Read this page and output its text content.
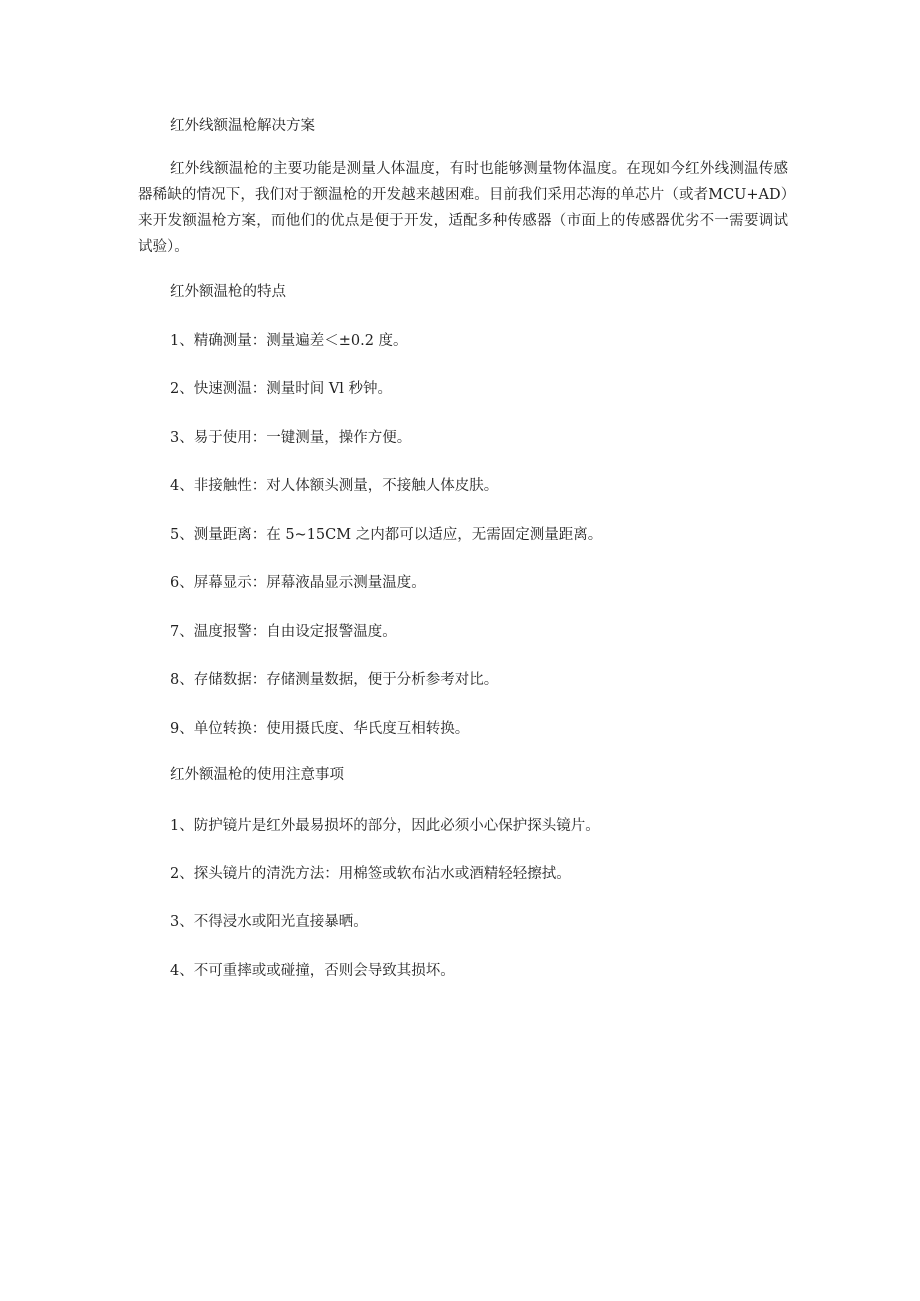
红外线额温枪解决方案
红外线额温枪的主要功能是测量人体温度，有时也能够测量物体温度。在现如今红外线测温传感器稀缺的情况下，我们对于额温枪的开发越来越困难。目前我们采用芯海的单芯片（或者MCU+AD）来开发额温枪方案，而他们的优点是便于开发，适配多种传感器（市面上的传感器优劣不一需要调试试验）。
红外额温枪的特点
1、精确测量：测量遍差＜±0.2 度。
2、快速测温：测量时间 Vl 秒钟。
3、易于使用：一键测量，操作方便。
4、非接触性：对人体额头测量，不接触人体皮肤。
5、测量距离：在 5~15CM 之内都可以适应，无需固定测量距离。
6、屏幕显示：屏幕液晶显示测量温度。
7、温度报警：自由设定报警温度。
8、存储数据：存储测量数据，便于分析参考对比。
9、单位转换：使用摄氏度、华氏度互相转换。
红外额温枪的使用注意事项
1、防护镜片是红外最易损坏的部分，因此必须小心保护探头镜片。
2、探头镜片的清洗方法：用棉签或软布沾水或酒精轻轻擦拭。
3、不得浸水或阳光直接暴晒。
4、不可重摔或或碰撞，否则会导致其损坏。
